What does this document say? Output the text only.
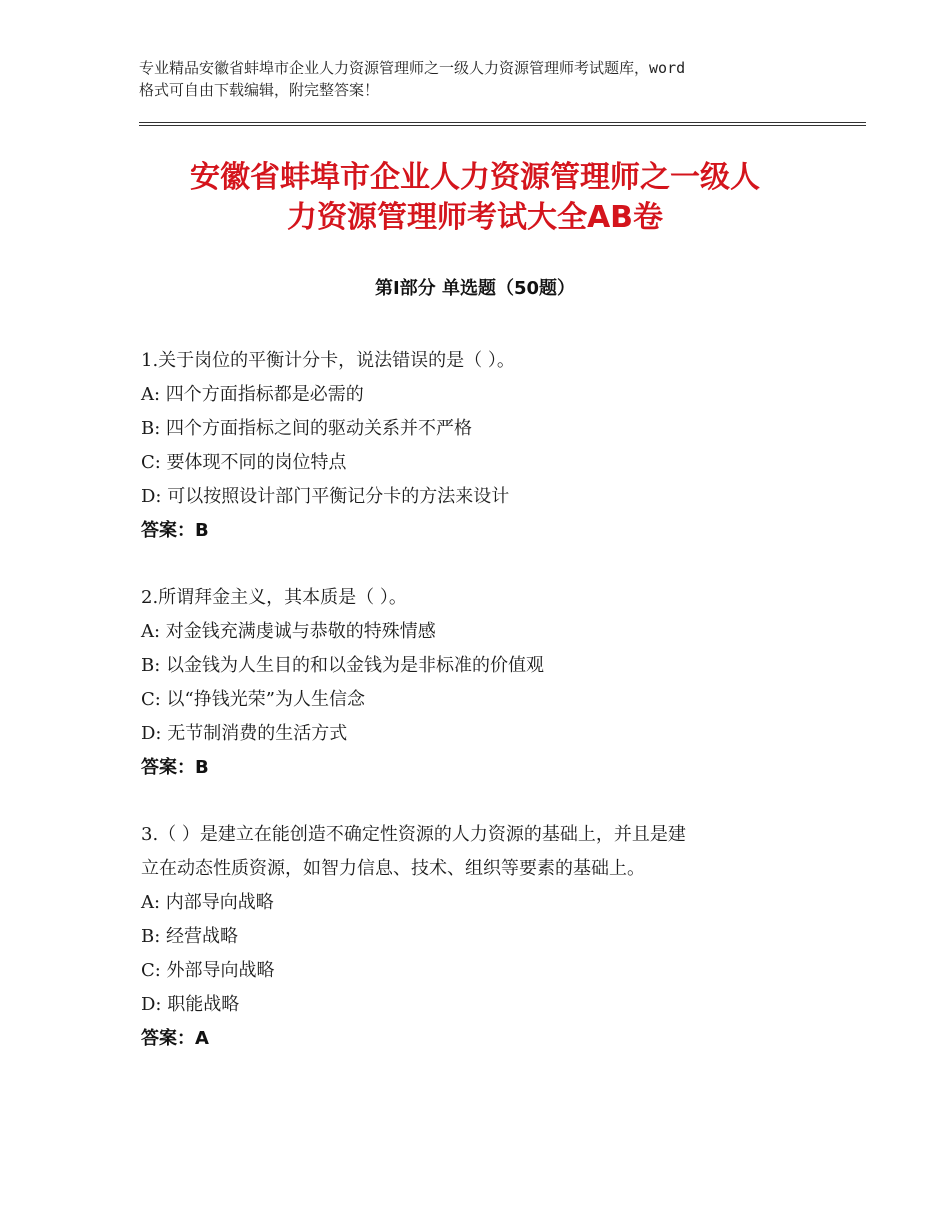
专业精品安徽省蚌埠市企业人力资源管理师之一级人力资源管理师考试题库，word
格式可自由下载编辑，附完整答案！
安徽省蚌埠市企业人力资源管理师之一级人
力资源管理师考试大全AB卷
第Ⅰ部分 单选题（50题）
1.关于岗位的平衡计分卡，说法错误的是（ ）。
A: 四个方面指标都是必需的
B: 四个方面指标之间的驱动关系并不严格
C: 要体现不同的岗位特点
D: 可以按照设计部门平衡记分卡的方法来设计
答案：B
2.所谓拜金主义，其本质是（ ）。
A: 对金钱充满虔诚与恭敬的特殊情感
B: 以金钱为人生目的和以金钱为是非标准的价值观
C: 以“挣钱光荣”为人生信念
D: 无节制消费的生活方式
答案：B
3.（ ）是建立在能创造不确定性资源的人力资源的基础上，并且是建
立在动态性质资源，如智力信息、技术、组织等要素的基础上。
A: 内部导向战略
B: 经营战略
C: 外部导向战略
D: 职能战略
答案：A
